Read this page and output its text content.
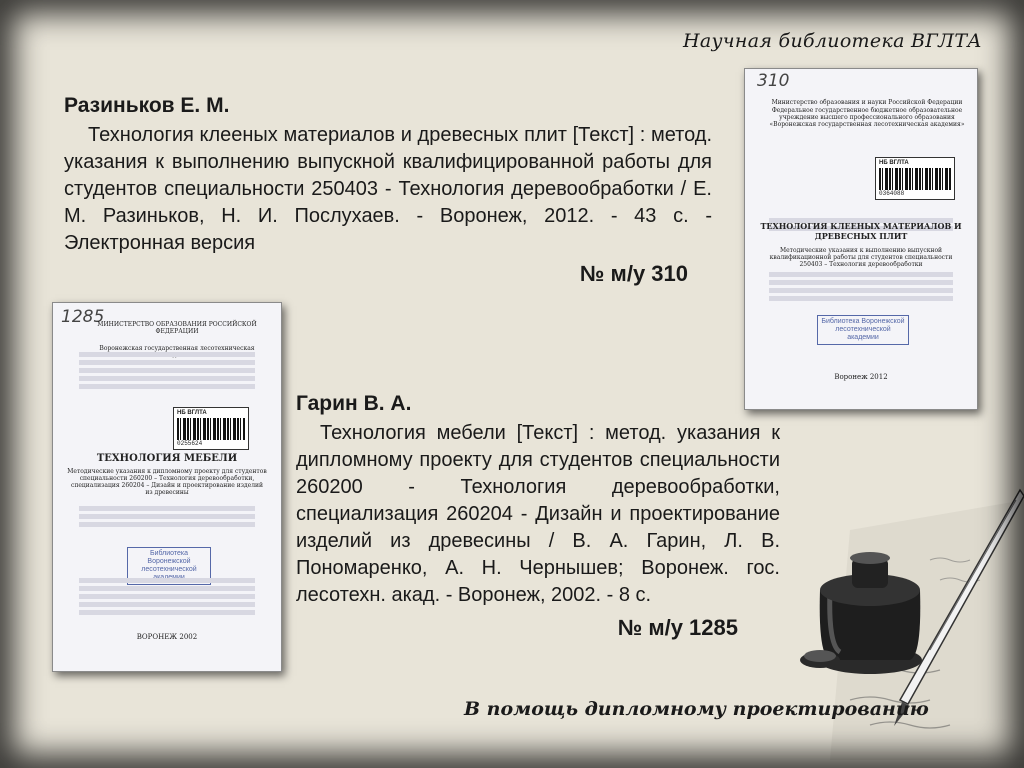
Научная библиотека ВГЛТА
Разиньков Е. М.
Технология клееных материалов и древесных плит [Текст] : метод. указания к выполнению выпускной квалифицированной работы для студентов специальности 250403 - Технология деревообработки / Е. М. Разиньков, Н. И. Послухаев. - Воронеж, 2012. - 43 с. - Электронная версия
№ м/у 310
310
Министерство образования и науки Российской Федерации
Федеральное государственное бюджетное образовательное учреждение высшего профессионального образования «Воронежская государственная лесотехническая академия»
НБ ВГЛТА
0364088
ТЕХНОЛОГИЯ КЛЕЕНЫХ МАТЕРИАЛОВ И ДРЕВЕСНЫХ ПЛИТ
Методические указания к выполнению выпускной квалификационной работы для студентов специальности 250403 – Технология деревообработки
Библиотека Воронежской лесотехнической академии
Воронеж 2012
1285
МИНИСТЕРСТВО ОБРАЗОВАНИЯ РОССИЙСКОЙ ФЕДЕРАЦИИ
Воронежская государственная лесотехническая
НБ ВГЛТА
0255624
ТЕХНОЛОГИЯ МЕБЕЛИ
Методические указания к дипломному проекту для студентов специальности 260200 – Технология деревообработки, специализация 260204 – Дизайн и проектирование изделий из древесины
Библиотека Воронежской лесотехнической
ВОРОНЕЖ 2002
Гарин В. А.
Технология мебели [Текст] : метод. указания к дипломному проекту для студентов специальности 260200 - Технология деревообработки, специализация 260204 - Дизайн и проектирование изделий из древесины / В. А. Гарин, Л. В. Пономаренко, А. Н. Чернышев; Воронеж. гос. лесотехн. акад. - Воронеж, 2002. - 8 с.
№ м/у 1285
В помощь дипломному проектированию
